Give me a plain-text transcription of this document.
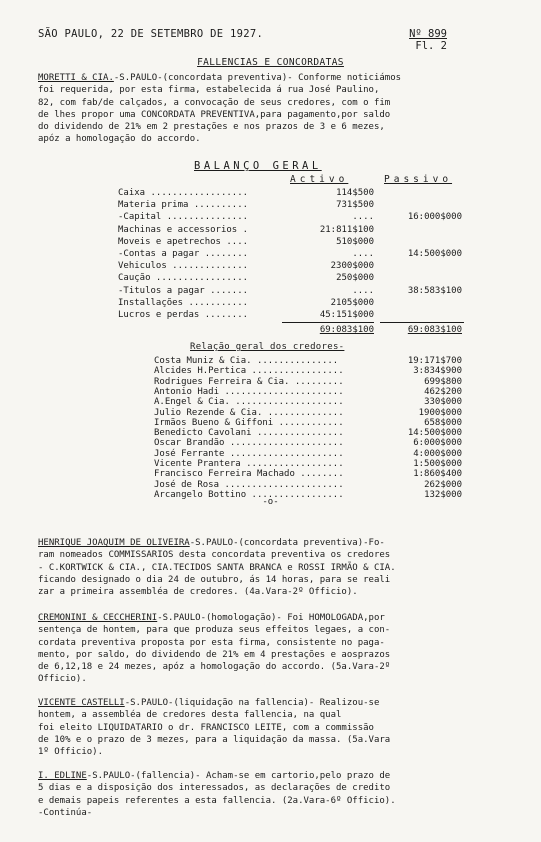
SÃO PAULO, 22 DE SETEMBRO DE 1927.	Nº 899
Fl. 2
FALLENCIAS E CONCORDATAS
MORETTI & CIA.-S.PAULO-(concordata preventiva)- Conforme noticiámos
foi requerida, por esta firma, estabelecida á rua José Paulino,
82, com fab/de calçados, a convocação de seus credores, com o fim
de lhes propor uma CONCORDATA PREVENTIVA,para pagamento,por saldo
do dividendo de 21% em 2 prestações e nos prazos de 3 e 6 mezes,
apóz a homologação do accordo.
BALANÇO GERAL
Activo	Passivo
Caixa ..................	114$500
Materia prima ..........	731$500
-Capital ...............	....	16:000$000
Machinas e accessorios .	21:811$100
Moveis e apetrechos ....	510$000
-Contas a pagar ........	....	14:500$000
Vehiculos ..............	2300$000
Caução .................	250$000
-Titulos a pagar .......	....	38:583$100
Installações ...........	2105$000
Lucros e perdas ........	45:151$000
69:083$100	69:083$100
Relação geral dos credores-
Costa Muniz & Cia. ...............	19:171$700
Alcides H.Pertica .................	3:834$900
Rodrigues Ferreira & Cia. .........	699$800
Antonio Hadi ......................	462$200
A.Engel & Cia. ....................	330$000
Julio Rezende & Cia. ..............	1900$000
Irmãos Bueno & Giffoni ............	658$000
Benedicto Cavolani ................	14:500$000
Oscar Brandão .....................	6:000$000
José Ferrante .....................	4:000$000
Vicente Prantera ..................	1:500$000
Francisco Ferreira Machado ........	1:860$400
José de Rosa ......................	262$000
Arcangelo Bottino .................	132$000
-o-
HENRIQUE JOAQUIM DE OLIVEIRA-S.PAULO-(concordata preventiva)-Fo-
ram nomeados COMMISSARIOS desta concordata preventiva os credores
- C.KORTWICK & CIA., CIA.TECIDOS SANTA BRANCA e ROSSI IRMÃO & CIA.
ficando designado o dia 24 de outubro, ás 14 horas, para se reali
zar a primeira assembléa de credores. (4a.Vara-2º Officio).
CREMONINI & CECCHERINI-S.PAULO-(homologação)- Foi HOMOLOGADA,por
sentença de hontem, para que produza seus effeitos legaes, a con-
cordata preventiva proposta por esta firma, consistente no paga-
mento, por saldo, do dividendo de 21% em 4 prestações e aosprazos
de 6,12,18 e 24 mezes, apóz a homologação do accordo. (5a.Vara-2º
Officio).
VICENTE CASTELLI-S.PAULO-(liquidação na fallencia)- Realizou-se
hontem, a assembléa de credores desta fallencia, na qual
foi eleito LIQUIDATARIO o dr. FRANCISCO LEITE, com a commissão
de 10% e o prazo de 3 mezes, para a liquidação da massa. (5a.Vara
1º Officio).
I. EDLINE-S.PAULO-(fallencia)- Acham-se em cartorio,pelo prazo de
5 dias e a disposição dos interessados, as declarações de credito
e demais papeis referentes a esta fallencia. (2a.Vara-6º Officio).
-Continúa-
